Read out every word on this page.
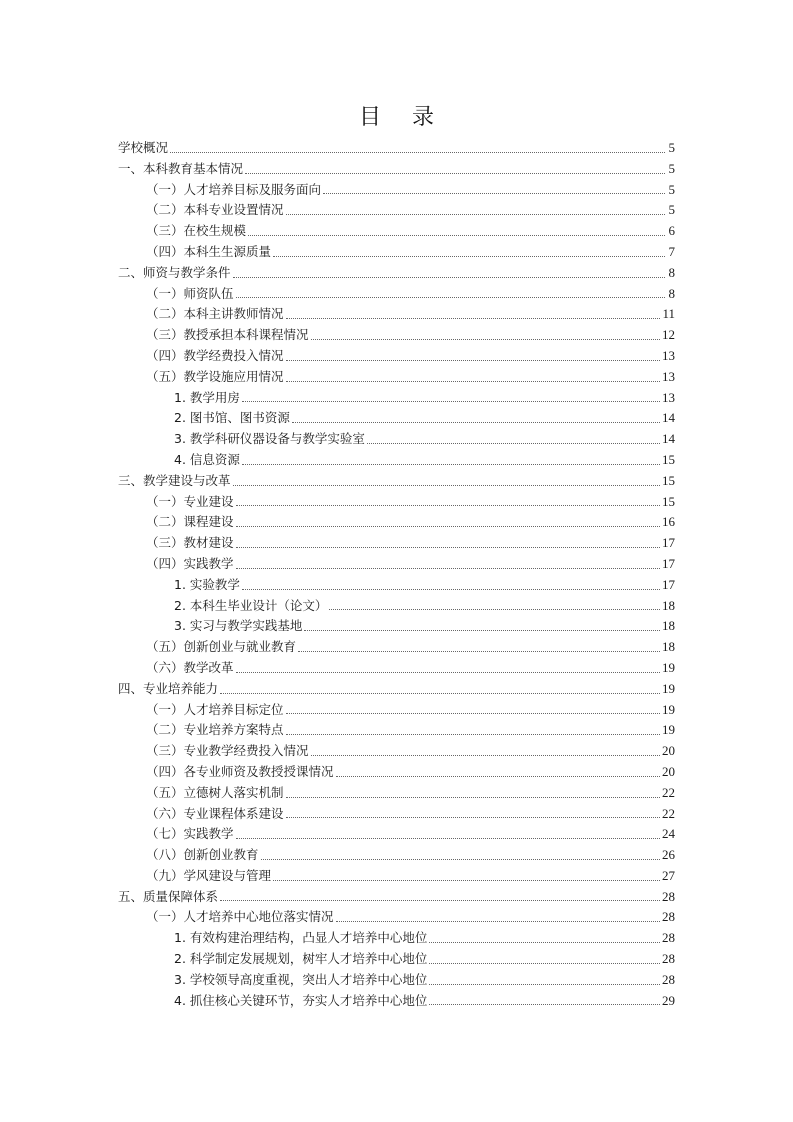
目 录
学校概况	5
一、本科教育基本情况	5
（一）人才培养目标及服务面向	5
（二）本科专业设置情况	5
（三）在校生规模	6
（四）本科生生源质量	7
二、师资与教学条件	8
（一）师资队伍	8
（二）本科主讲教师情况	11
（三）教授承担本科课程情况	12
（四）教学经费投入情况	13
（五）教学设施应用情况	13
1. 教学用房	13
2. 图书馆、图书资源	14
3. 教学科研仪器设备与教学实验室	14
4. 信息资源	15
三、教学建设与改革	15
（一）专业建设	15
（二）课程建设	16
（三）教材建设	17
（四）实践教学	17
1. 实验教学	17
2. 本科生毕业设计（论文）	18
3. 实习与教学实践基地	18
（五）创新创业与就业教育	18
（六）教学改革	19
四、专业培养能力	19
（一）人才培养目标定位	19
（二）专业培养方案特点	19
（三）专业教学经费投入情况	20
（四）各专业师资及教授授课情况	20
（五）立德树人落实机制	22
（六）专业课程体系建设	22
（七）实践教学	24
（八）创新创业教育	26
（九）学风建设与管理	27
五、质量保障体系	28
（一）人才培养中心地位落实情况	28
1. 有效构建治理结构，凸显人才培养中心地位	28
2. 科学制定发展规划，树牢人才培养中心地位	28
3. 学校领导高度重视，突出人才培养中心地位	28
4. 抓住核心关键环节，夯实人才培养中心地位	29
